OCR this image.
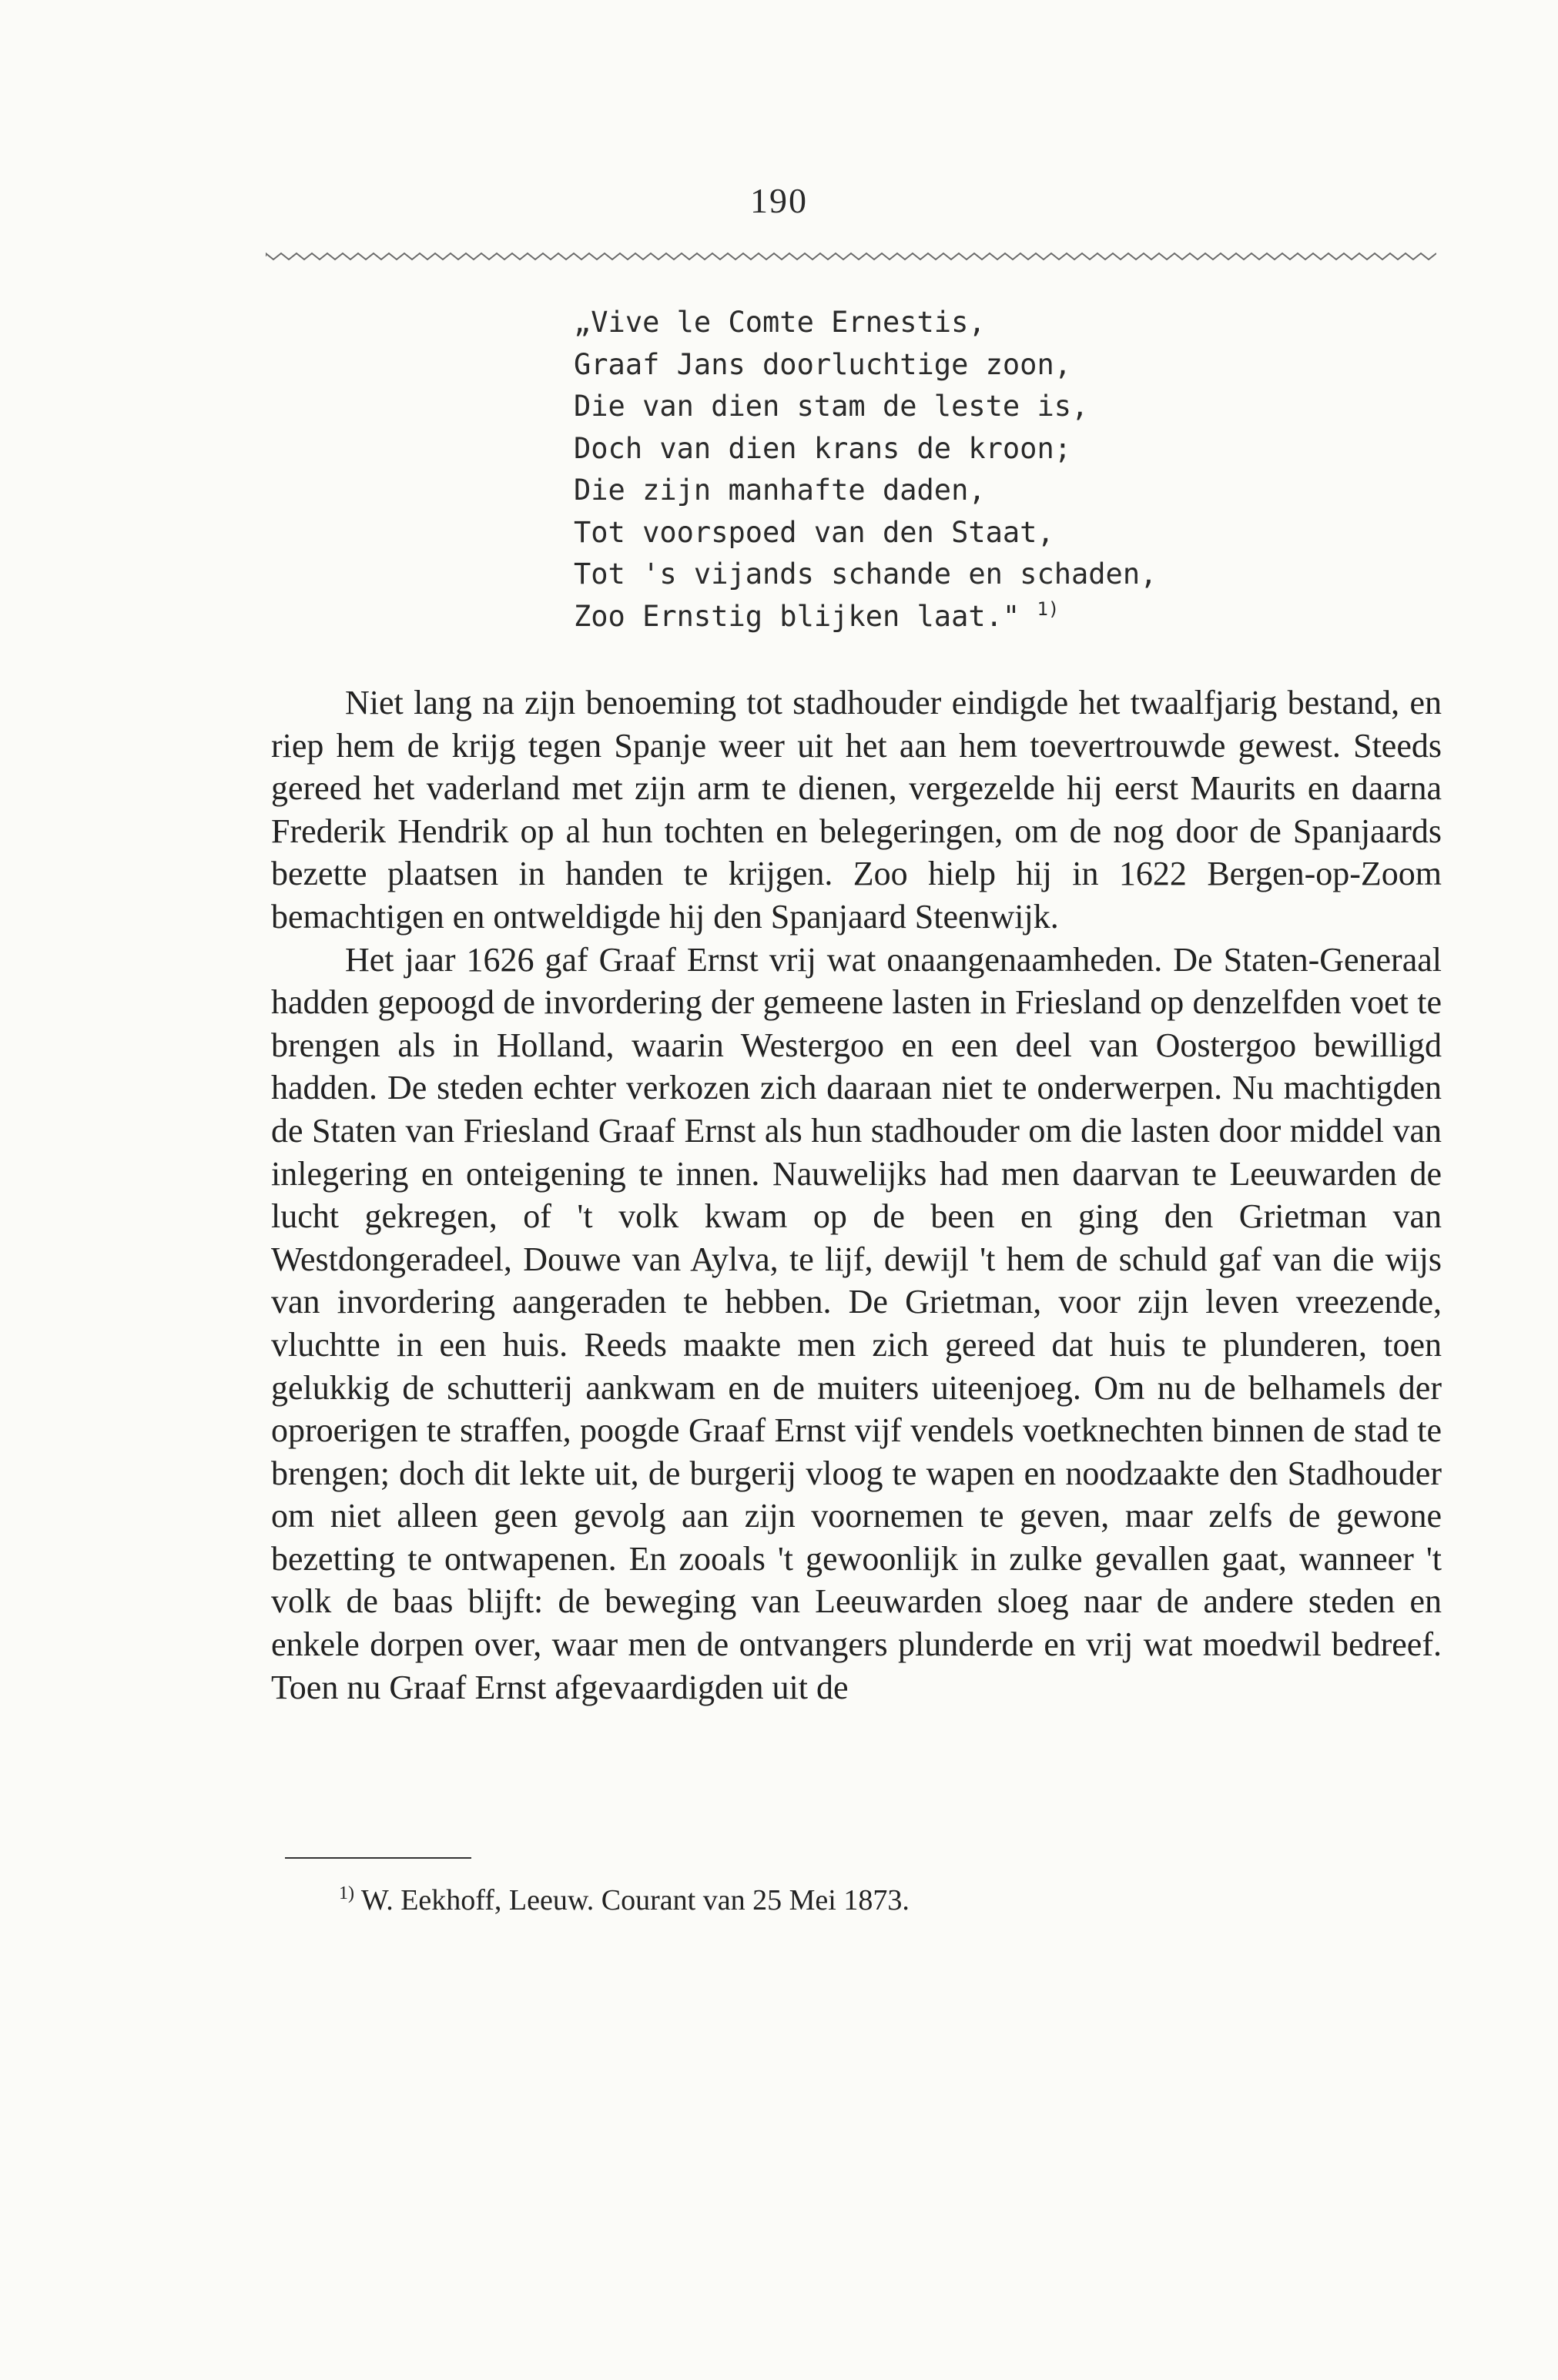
190
„Vive le Comte Ernestis,
Graaf Jans doorluchtige zoon,
Die van dien stam de leste is,
Doch van dien krans de kroon;
Die zijn manhafte daden,
Tot voorspoed van den Staat,
Tot 's vijands schande en schaden,
Zoo Ernstig blijken laat." $^{1)}$

Niet lang na zijn benoeming tot stadhouder eindigde het twaalfjarig bestand, en riep hem de krijg tegen Spanje weer uit het aan hem toevertrouwde gewest. Steeds gereed het vaderland met zijn arm te dienen, vergezelde hij eerst Maurits en daarna Frederik Hendrik op al hun tochten en belegeringen, om de nog door de Spanjaards bezette plaatsen in handen te krijgen. Zoo hielp hij in 1622 Bergen-op-Zoom bemachtigen en ontweldigde hij den Spanjaard Steenwijk.

Het jaar 1626 gaf Graaf Ernst vrij wat onaangenaamheden. De Staten-Generaal hadden gepoogd de invordering der gemeene lasten in Friesland op denzelfden voet te brengen als in Holland, waarin Westergoo en een deel van Oostergoo bewilligd hadden. De steden echter verkozen zich daaraan niet te onderwerpen. Nu machtigden de Staten van Friesland Graaf Ernst als hun stadhouder om die lasten door middel van inlegering en onteigening te innen. Nauwelijks had men daarvan te Leeuwarden de lucht gekregen, of 't volk kwam op de been en ging den Grietman van Westdongeradeel, Douwe van Aylva, te lijf, dewijl 't hem de schuld gaf van die wijs van invordering aangeraden te hebben. De Grietman, voor zijn leven vreezende, vluchtte in een huis. Reeds maakte men zich gereed dat huis te plunderen, toen gelukkig de schutterij aankwam en de muiters uiteenjoeg. Om nu de belhamels der oproerigen te straffen, poogde Graaf Ernst vijf vendels voetknechten binnen de stad te brengen; doch dit lekte uit, de burgerij vloog te wapen en noodzaakte den Stadhouder om niet alleen geen gevolg aan zijn voornemen te geven, maar zelfs de gewone bezetting te ontwapenen. En zooals 't gewoonlijk in zulke gevallen gaat, wanneer 't volk de baas blijft: de beweging van Leeuwarden sloeg naar de andere steden en enkele dorpen over, waar men de ontvangers plunderde en vrij wat moedwil bedreef. Toen nu Graaf Ernst afgevaardigden uit de

$^{1)}$ W. Eekhoff, Leeuw. Courant van 25 Mei 1873.
